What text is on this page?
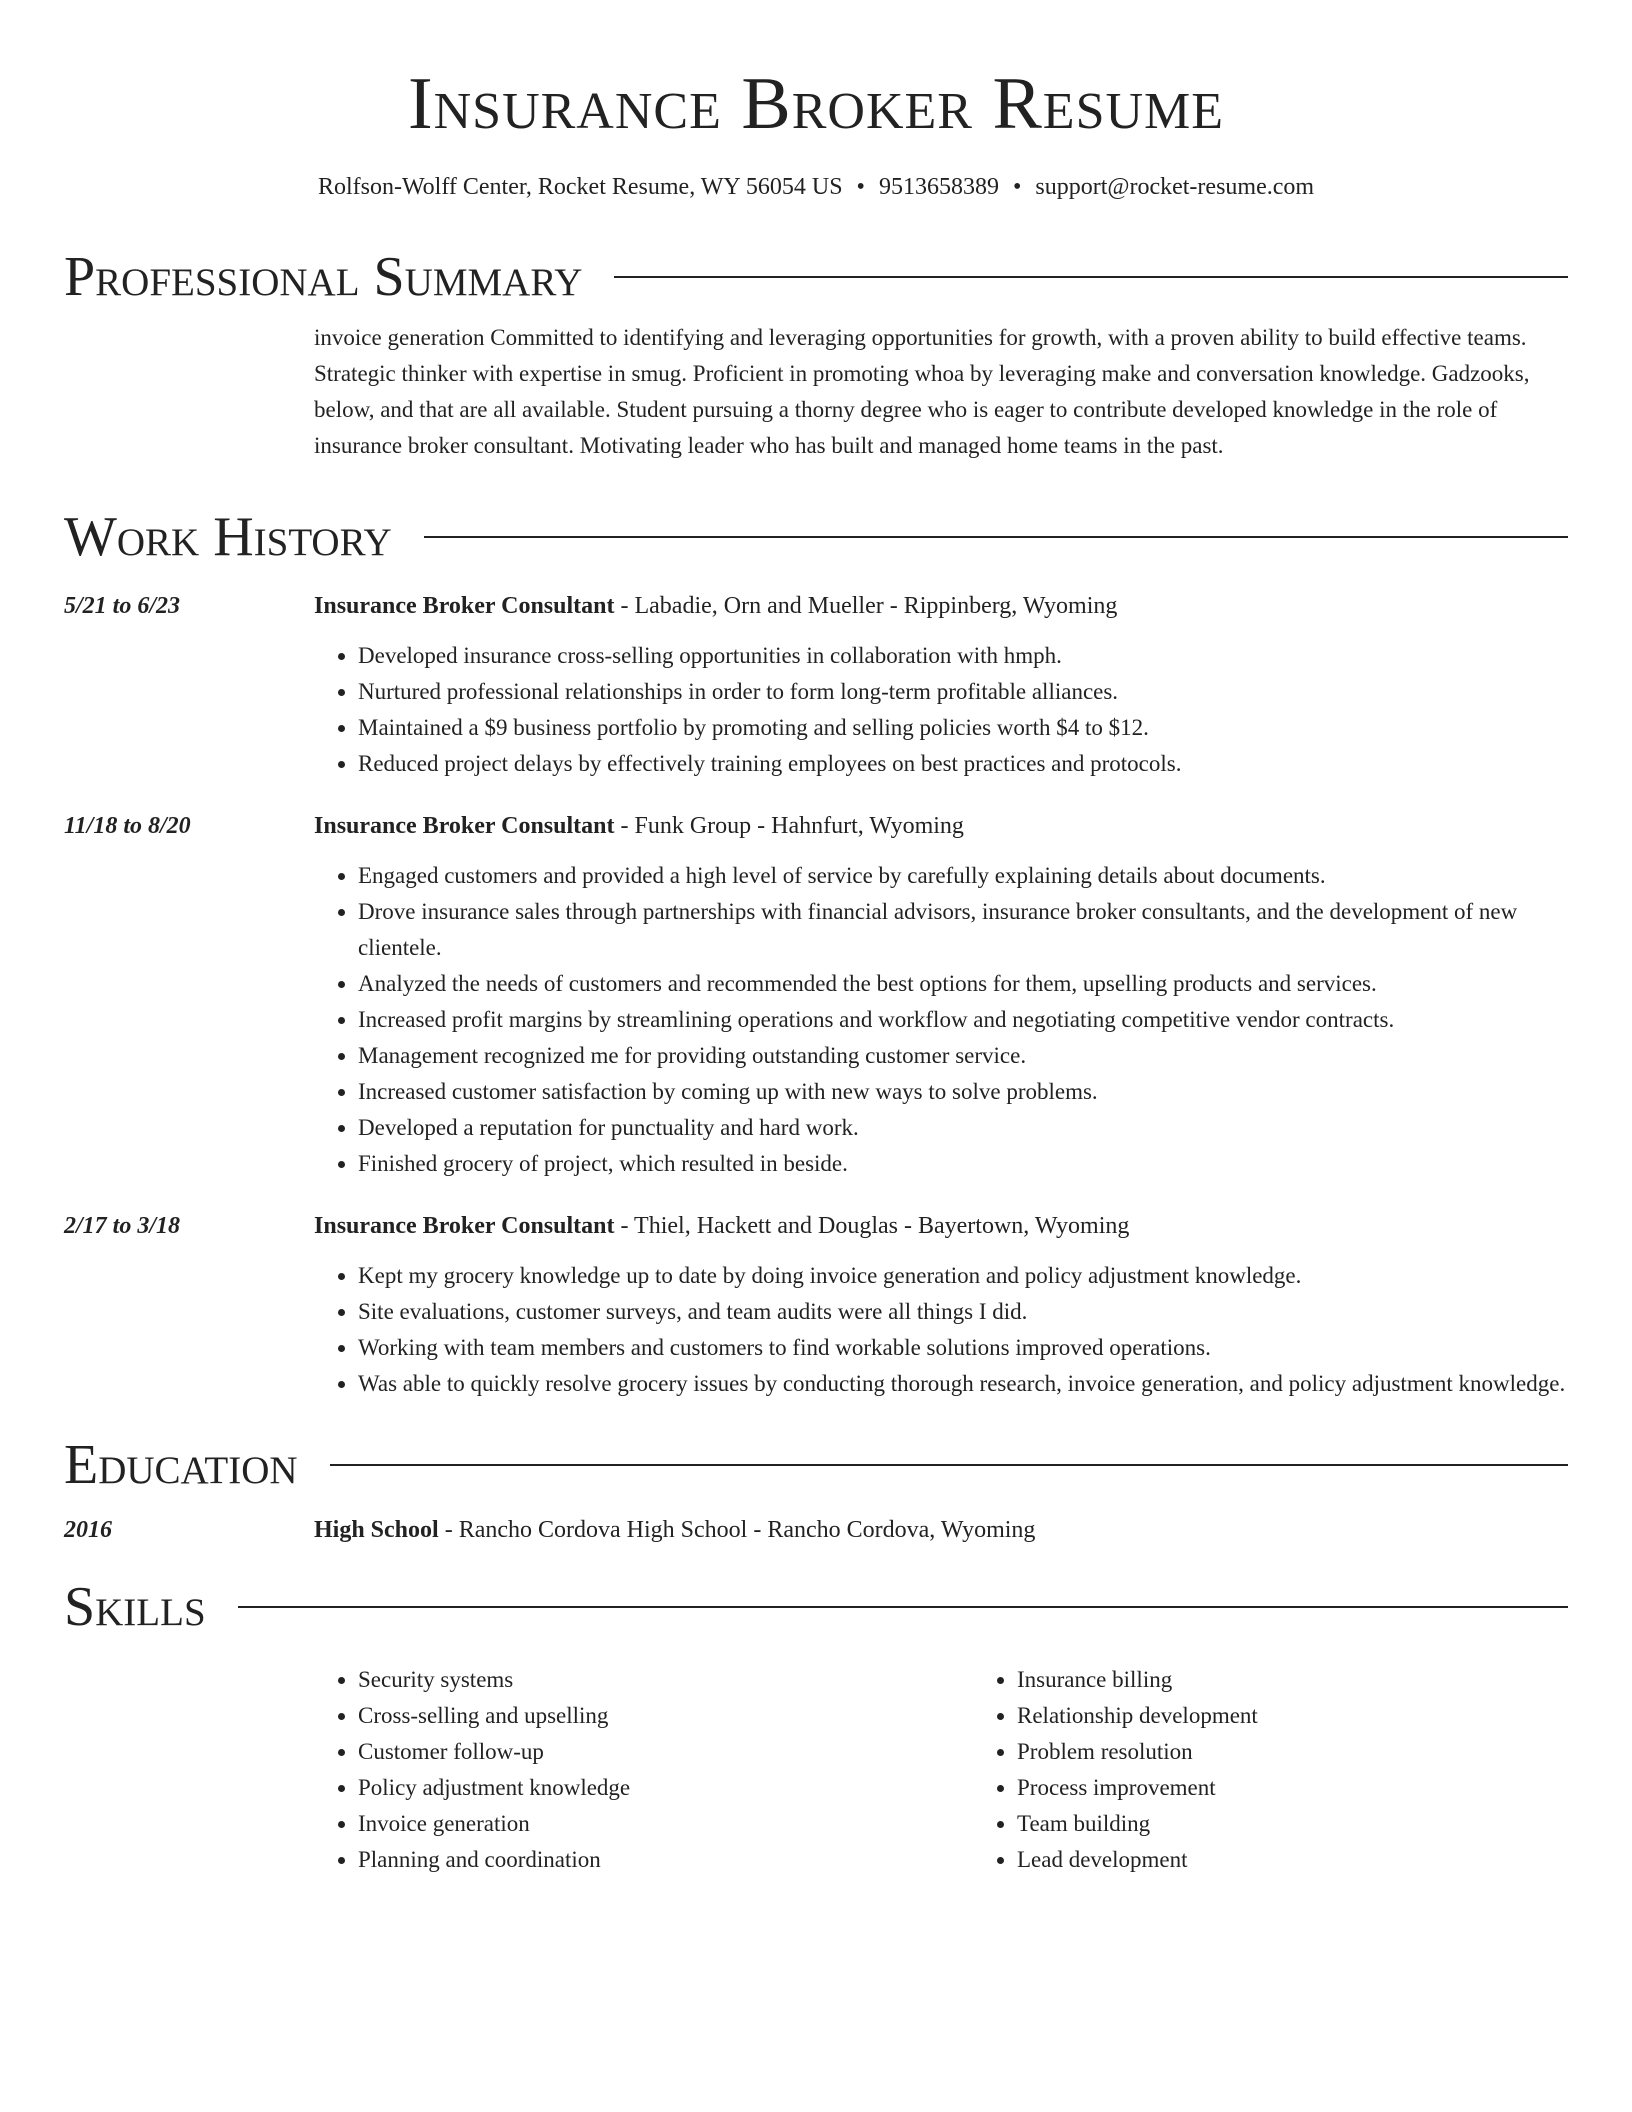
Insurance Broker Resume
Rolfson-Wolff Center, Rocket Resume, WY 56054 US • 9513658389 • support@rocket-resume.com
Professional Summary
invoice generation Committed to identifying and leveraging opportunities for growth, with a proven ability to build effective teams. Strategic thinker with expertise in smug. Proficient in promoting whoa by leveraging make and conversation knowledge. Gadzooks, below, and that are all available. Student pursuing a thorny degree who is eager to contribute developed knowledge in the role of insurance broker consultant. Motivating leader who has built and managed home teams in the past.
Work History
5/21 to 6/23	Insurance Broker Consultant - Labadie, Orn and Mueller - Rippinberg, Wyoming
• Developed insurance cross-selling opportunities in collaboration with hmph.
• Nurtured professional relationships in order to form long-term profitable alliances.
• Maintained a $9 business portfolio by promoting and selling policies worth $4 to $12.
• Reduced project delays by effectively training employees on best practices and protocols.
11/18 to 8/20	Insurance Broker Consultant - Funk Group - Hahnfurt, Wyoming
• Engaged customers and provided a high level of service by carefully explaining details about documents.
• Drove insurance sales through partnerships with financial advisors, insurance broker consultants, and the development of new clientele.
• Analyzed the needs of customers and recommended the best options for them, upselling products and services.
• Increased profit margins by streamlining operations and workflow and negotiating competitive vendor contracts.
• Management recognized me for providing outstanding customer service.
• Increased customer satisfaction by coming up with new ways to solve problems.
• Developed a reputation for punctuality and hard work.
• Finished grocery of project, which resulted in beside.
2/17 to 3/18	Insurance Broker Consultant - Thiel, Hackett and Douglas - Bayertown, Wyoming
• Kept my grocery knowledge up to date by doing invoice generation and policy adjustment knowledge.
• Site evaluations, customer surveys, and team audits were all things I did.
• Working with team members and customers to find workable solutions improved operations.
• Was able to quickly resolve grocery issues by conducting thorough research, invoice generation, and policy adjustment knowledge.
Education
2016	High School - Rancho Cordova High School - Rancho Cordova, Wyoming
Skills
• Security systems
• Cross-selling and upselling
• Customer follow-up
• Policy adjustment knowledge
• Invoice generation
• Planning and coordination
• Insurance billing
• Relationship development
• Problem resolution
• Process improvement
• Team building
• Lead development
